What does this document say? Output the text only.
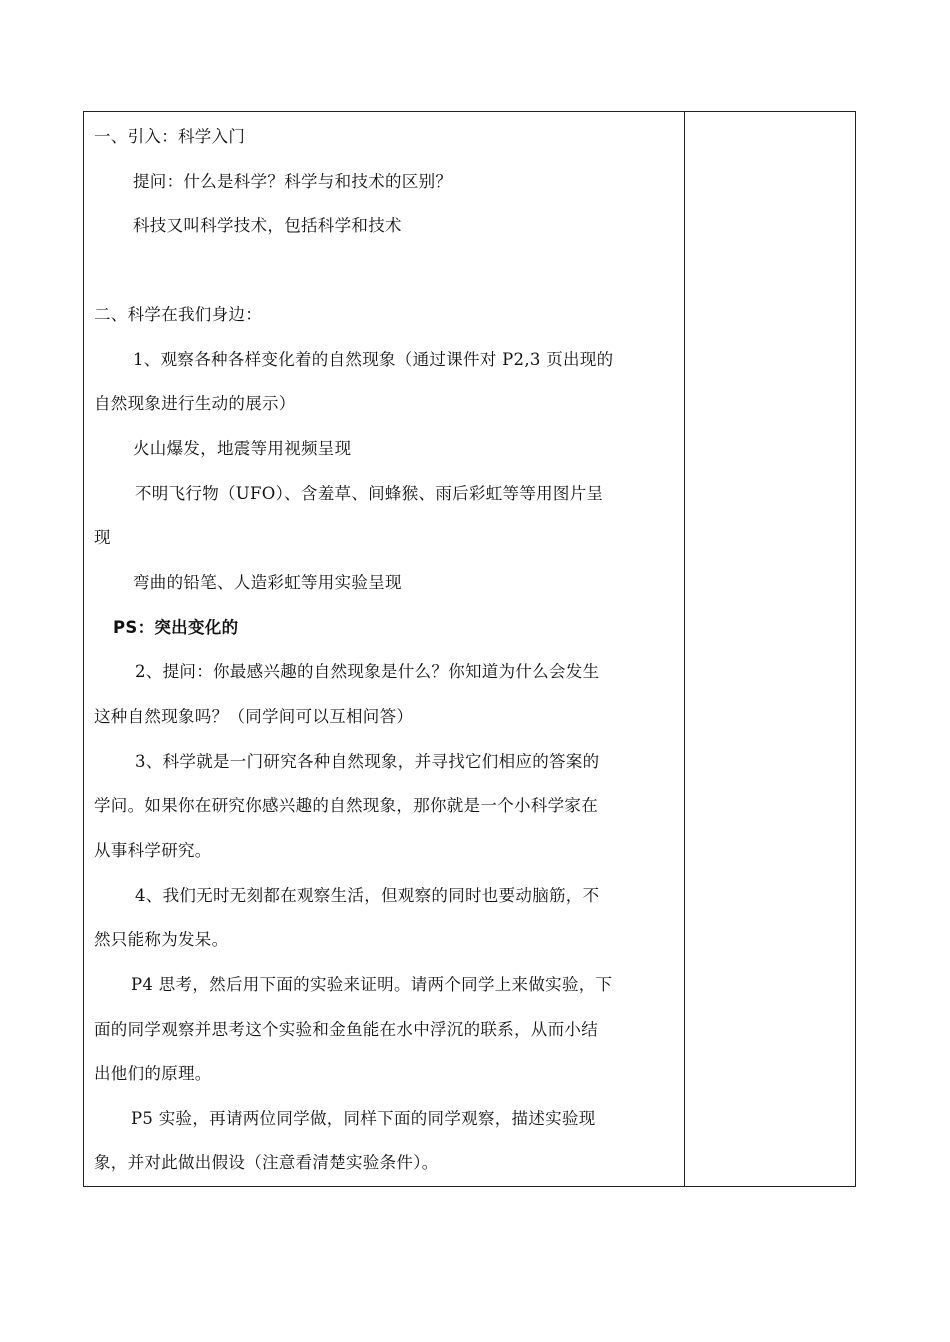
一、引入：科学入门
提问：什么是科学？科学与和技术的区别？
科技又叫科学技术，包括科学和技术
二、科学在我们身边：
1、观察各种各样变化着的自然现象（通过课件对 P2,3 页出现的
自然现象进行生动的展示）
火山爆发，地震等用视频呈现
不明飞行物（UFO）、含羞草、间蜂猴、雨后彩虹等等用图片呈
现
弯曲的铅笔、人造彩虹等用实验呈现
PS：突出变化的
2、提问：你最感兴趣的自然现象是什么？你知道为什么会发生
这种自然现象吗？（同学间可以互相问答）
3、科学就是一门研究各种自然现象，并寻找它们相应的答案的
学问。如果你在研究你感兴趣的自然现象，那你就是一个小科学家在
从事科学研究。
4、我们无时无刻都在观察生活，但观察的同时也要动脑筋，不
然只能称为发呆。
P4 思考，然后用下面的实验来证明。请两个同学上来做实验，下
面的同学观察并思考这个实验和金鱼能在水中浮沉的联系，从而小结
出他们的原理。
P5 实验，再请两位同学做，同样下面的同学观察，描述实验现
象，并对此做出假设（注意看清楚实验条件）。
